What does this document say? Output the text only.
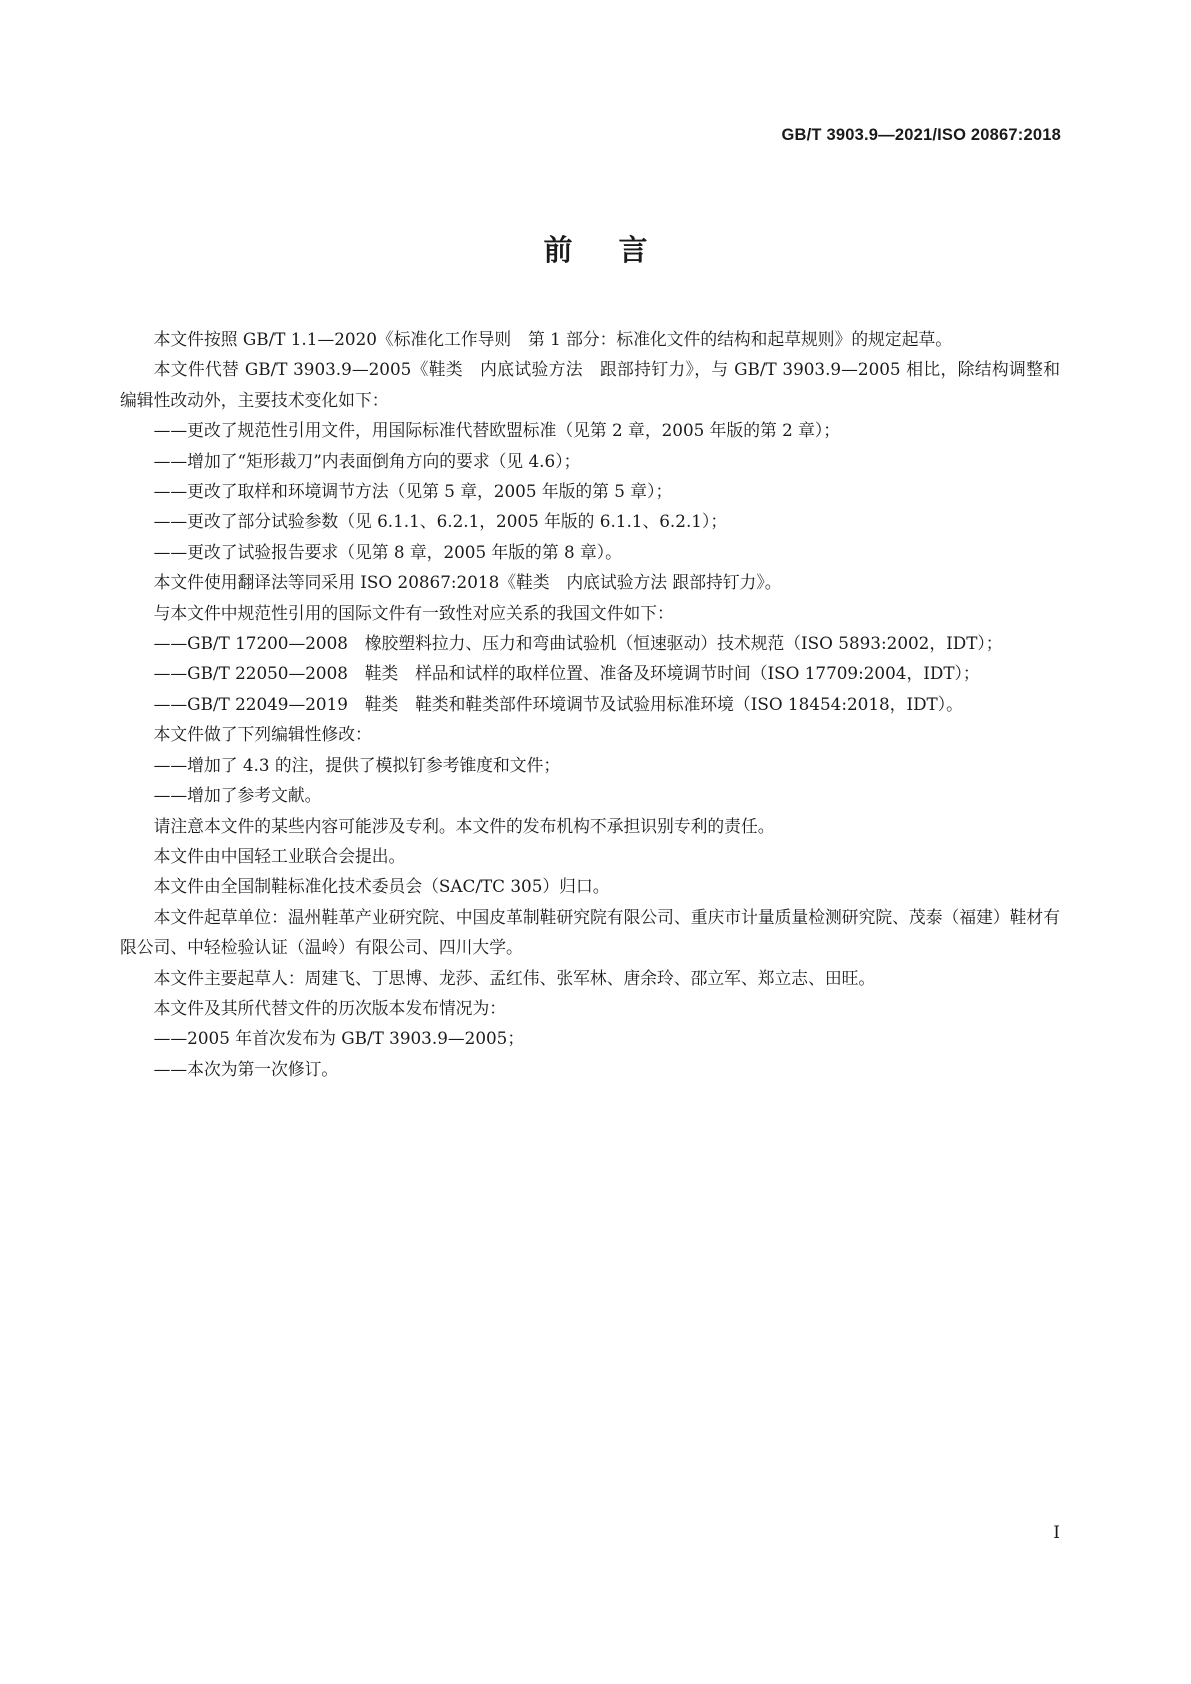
GB/T 3903.9—2021/ISO 20867:2018
前言

本文件按照 GB/T 1.1—2020《标准化工作导则　第 1 部分：标准化文件的结构和起草规则》的规定起草。

本文件代替 GB/T 3903.9—2005《鞋类　内底试验方法　跟部持钉力》，与 GB/T 3903.9—2005 相比，除结构调整和编辑性改动外，主要技术变化如下：

——更改了规范性引用文件，用国际标准代替欧盟标准（见第 2 章，2005 年版的第 2 章）；

——增加了“矩形裁刀”内表面倒角方向的要求（见 4.6）；

——更改了取样和环境调节方法（见第 5 章，2005 年版的第 5 章）；

——更改了部分试验参数（见 6.1.1、6.2.1，2005 年版的 6.1.1、6.2.1）；

——更改了试验报告要求（见第 8 章，2005 年版的第 8 章）。

本文件使用翻译法等同采用 ISO 20867:2018《鞋类　内底试验方法 跟部持钉力》。

与本文件中规范性引用的国际文件有一致性对应关系的我国文件如下：

——GB/T 17200—2008　橡胶塑料拉力、压力和弯曲试验机（恒速驱动）技术规范（ISO 5893:2002，IDT）；

——GB/T 22050—2008　鞋类　样品和试样的取样位置、准备及环境调节时间（ISO 17709:2004，IDT）；

——GB/T 22049—2019　鞋类　鞋类和鞋类部件环境调节及试验用标准环境（ISO 18454:2018，IDT）。

本文件做了下列编辑性修改：

——增加了 4.3 的注，提供了模拟钉参考锥度和文件；

——增加了参考文献。

请注意本文件的某些内容可能涉及专利。本文件的发布机构不承担识别专利的责任。

本文件由中国轻工业联合会提出。

本文件由全国制鞋标准化技术委员会（SAC/TC 305）归口。

本文件起草单位：温州鞋革产业研究院、中国皮革制鞋研究院有限公司、重庆市计量质量检测研究院、茂泰（福建）鞋材有限公司、中轻检验认证（温岭）有限公司、四川大学。

本文件主要起草人：周建飞、丁思博、龙莎、孟红伟、张军林、唐余玲、邵立军、郑立志、田旺。

本文件及其所代替文件的历次版本发布情况为：

——2005 年首次发布为 GB/T 3903.9—2005；

——本次为第一次修订。

I
